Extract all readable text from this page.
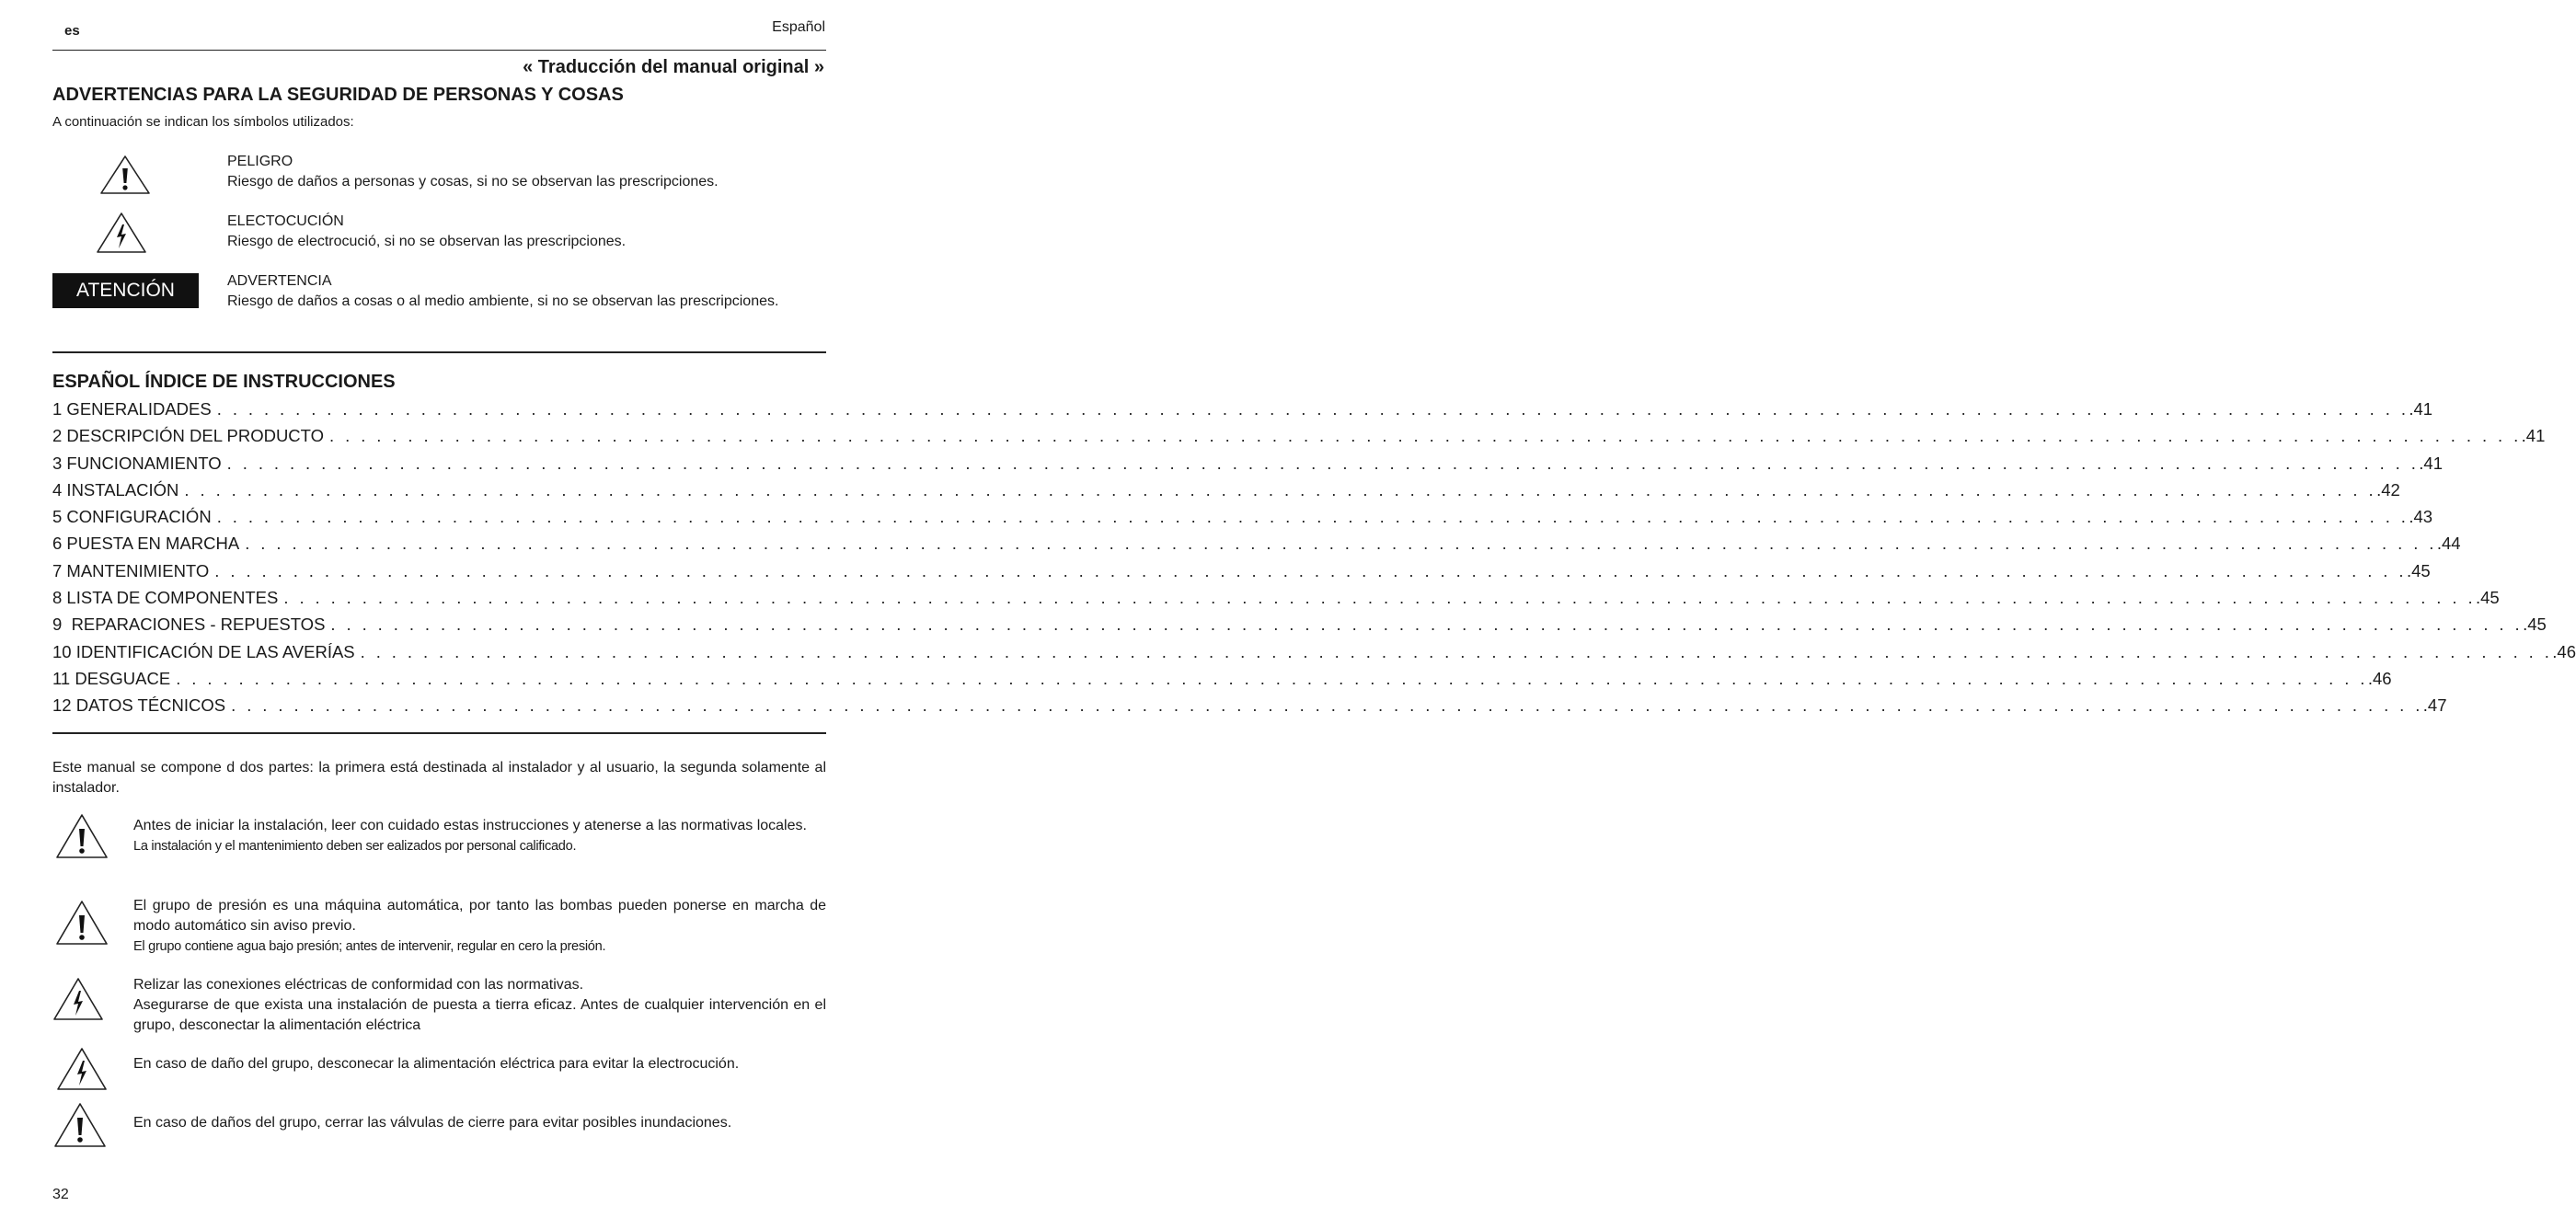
es	Español
« Traducción del manual original »
ADVERTENCIAS PARA LA SEGURIDAD DE PERSONAS Y COSAS
A continuación se indican los símbolos utilizados:
PELIGRO
Riesgo de daños a personas y cosas, si no se observan las prescripciones.
ELECTOCUCIÓN
Riesgo de electrocució, si no se observan las prescripciones.
ATENCIÓN	ADVERTENCIA
Riesgo de daños a cosas o al medio ambiente, si no se observan las prescripciones.
ESPAÑOL ÍNDICE DE INSTRUCCIONES
1 GENERALIDADES . . . . . . . . . . . . . . . . . . . . . . . . . . . . . . . . . . . . . . . . . . . . . . . . . . . . . . . . . . . . . . . . . . . . . . . . . . . . . . . . . . . . . . . . . . . . . . . . . . . . . . . . . . . . . . . . . . . . . . . . . . . . . . . . . . . . . . . . . . . . .41
2 DESCRIPCIÓN DEL PRODUCTO . . . . . . . . . . . . . . . . . . . . . . . . . . . . . . . . . . . . . . . . . . . . . . . . . . . . . . . . . . . . . . . . . . . . . . . . . . . . . . . . . . . . . . . . . . . . . . . . . . . . . . . . . . . . . . . . . . . . . . . . . . . . . . . . . . . . . . . . . . . . .41
3 FUNCIONAMIENTO . . . . . . . . . . . . . . . . . . . . . . . . . . . . . . . . . . . . . . . . . . . . . . . . . . . . . . . . . . . . . . . . . . . . . . . . . . . . . . . . . . . . . . . . . . . . . . . . . . . . . . . . . . . . . . . . . . . . . . . . . . . . . . . . . . . . . . . . . . . . .41
4 INSTALACIÓN . . . . . . . . . . . . . . . . . . . . . . . . . . . . . . . . . . . . . . . . . . . . . . . . . . . . . . . . . . . . . . . . . . . . . . . . . . . . . . . . . . . . . . . . . . . . . . . . . . . . . . . . . . . . . . . . . . . . . . . . . . . . . . . . . . . . . . . . . . . . .42
5 CONFIGURACIÓN . . . . . . . . . . . . . . . . . . . . . . . . . . . . . . . . . . . . . . . . . . . . . . . . . . . . . . . . . . . . . . . . . . . . . . . . . . . . . . . . . . . . . . . . . . . . . . . . . . . . . . . . . . . . . . . . . . . . . . . . . . . . . . . . . . . . . . . . . . . . .43
6 PUESTA EN MARCHA . . . . . . . . . . . . . . . . . . . . . . . . . . . . . . . . . . . . . . . . . . . . . . . . . . . . . . . . . . . . . . . . . . . . . . . . . . . . . . . . . . . . . . . . . . . . . . . . . . . . . . . . . . . . . . . . . . . . . . . . . . . . . . . . . . . . . . . . . . . . .44
7 MANTENIMIENTO . . . . . . . . . . . . . . . . . . . . . . . . . . . . . . . . . . . . . . . . . . . . . . . . . . . . . . . . . . . . . . . . . . . . . . . . . . . . . . . . . . . . . . . . . . . . . . . . . . . . . . . . . . . . . . . . . . . . . . . . . . . . . . . . . . . . . . . . . . . . .45
8 LISTA DE COMPONENTES . . . . . . . . . . . . . . . . . . . . . . . . . . . . . . . . . . . . . . . . . . . . . . . . . . . . . . . . . . . . . . . . . . . . . . . . . . . . . . . . . . . . . . . . . . . . . . . . . . . . . . . . . . . . . . . . . . . . . . . . . . . . . . . . . . . . . . . . . . . . .45
9  REPARACIONES - REPUESTOS . . . . . . . . . . . . . . . . . . . . . . . . . . . . . . . . . . . . . . . . . . . . . . . . . . . . . . . . . . . . . . . . . . . . . . . . . . . . . . . . . . . . . . . . . . . . . . . . . . . . . . . . . . . . . . . . . . . . . . . . . . . . . . . . . . . . . . . . . . . . .45
10 IDENTIFICACIÓN DE LAS AVERÍAS . . . . . . . . . . . . . . . . . . . . . . . . . . . . . . . . . . . . . . . . . . . . . . . . . . . . . . . . . . . . . . . . . . . . . . . . . . . . . . . . . . . . . . . . . . . . . . . . . . . . . . . . . . . . . . . . . . . . . . . . . . . . . . . . . . . . . . . . . . . . .46
11 DESGUACE . . . . . . . . . . . . . . . . . . . . . . . . . . . . . . . . . . . . . . . . . . . . . . . . . . . . . . . . . . . . . . . . . . . . . . . . . . . . . . . . . . . . . . . . . . . . . . . . . . . . . . . . . . . . . . . . . . . . . . . . . . . . . . . . . . . . . . . . . . . . .46
12 DATOS TÉCNICOS . . . . . . . . . . . . . . . . . . . . . . . . . . . . . . . . . . . . . . . . . . . . . . . . . . . . . . . . . . . . . . . . . . . . . . . . . . . . . . . . . . . . . . . . . . . . . . . . . . . . . . . . . . . . . . . . . . . . . . . . . . . . . . . . . . . . . . . . . . . . .47
Este manual se compone d dos partes: la primera está destinada al instalador y al usuario, la segunda solamente al instalador.
Antes de iniciar la instalación, leer con cuidado estas instrucciones y atenerse a las normativas locales.
La instalación y el mantenimiento deben ser ealizados por personal calificado.
El grupo de presión es una máquina automática, por tanto las bombas pueden ponerse en marcha de modo automático sin aviso previo.
El grupo contiene agua bajo presión; antes de intervenir, regular en cero la presión.
Relizar las conexiones eléctricas de conformidad con las normativas.
Asegurarse de que exista una instalación de puesta a tierra eficaz. Antes de cualquier intervención en el grupo, desconectar la alimentación eléctrica
En caso de daño del grupo, desconecar la alimentación eléctrica para evitar la electrocución.
En caso de daños del grupo, cerrar las válvulas de cierre para evitar posibles inundaciones.
32
